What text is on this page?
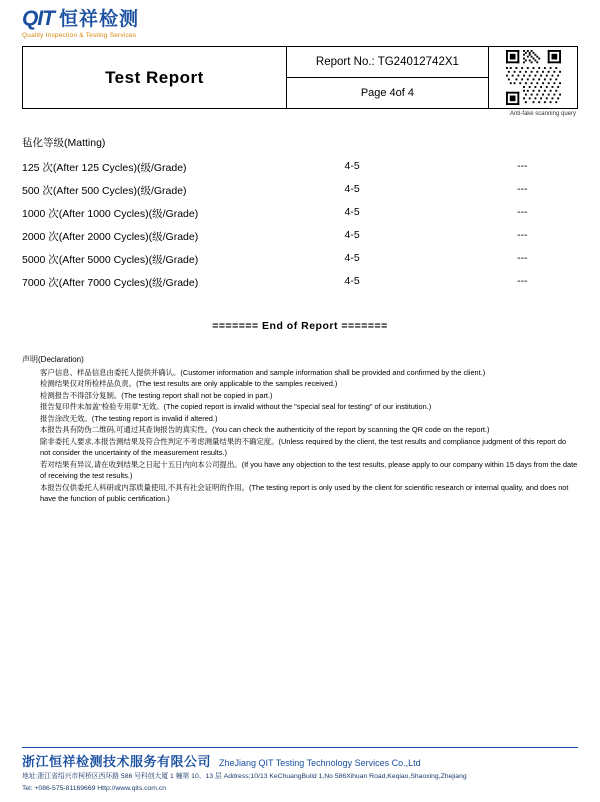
QIT 恒祥检测
Quality Inspection & Testing Services
Test Report	Report No.: TG24012742X1	

Page 4of 4
Anti-fake scanning query
毡化等级(Matting)
125 次(After 125 Cycles)(级/Grade)	4-5	---
500 次(After 500 Cycles)(级/Grade)	4-5	---
1000 次(After 1000 Cycles)(级/Grade)	4-5	---
2000 次(After 2000 Cycles)(级/Grade)	4-5	---
5000 次(After 5000 Cycles)(级/Grade)	4-5	---
7000 次(After 7000 Cycles)(级/Grade)	4-5	---
======= End of Report =======
声明(Declaration)
客户信息、样品信息由委托人提供并确认。(Customer information and sample information shall be provided and confirmed by the client.)
检测结果仅对所检样品负责。(The test results are only applicable to the samples received.)
检测报告不得部分复制。(The testing report shall not be copied in part.)
报告复印件未加盖"检验专用章"无效。(The copied report is invalid without the "special seal for testing" of our institution.)
报告涂改无效。(The testing report is invalid if altered.)
本报告具有防伪二维码,可通过其查询报告的真实性。(You can check the authenticity of the report by scanning the QR code on the report.)
除非委托人要求,本报告测结果及符合性判定不考虑测量结果的不确定度。(Unless required by the client, the test results and compliance judgment of this report do not consider the uncertainty of the measurement results.)
若对结果有异议,请在收到结果之日起十五日内向本公司提出。(If you have any objection to the test results, please apply to our company within 15 days from the date of receiving the test results.)
本报告仅供委托人科研或内部质量使用,不具有社会证明的作用。(The testing report is only used by the client for scientific research or internal quality, and does not have the function of public certification.)
浙江恒祥检测技术服务有限公司 ZheJiang QIT Testing Technology Services Co.,Ltd
地址:浙江省绍兴市柯桥区西环路 586 号科创大厦 1 幢第 10、13 层 Address:10/13 KeChuangBuild 1,No 586Xihuan Road,Keqiao,Shaoxing,Zhejiang
Tel: +086-575-81169669 Http://www.qits.com.cn
